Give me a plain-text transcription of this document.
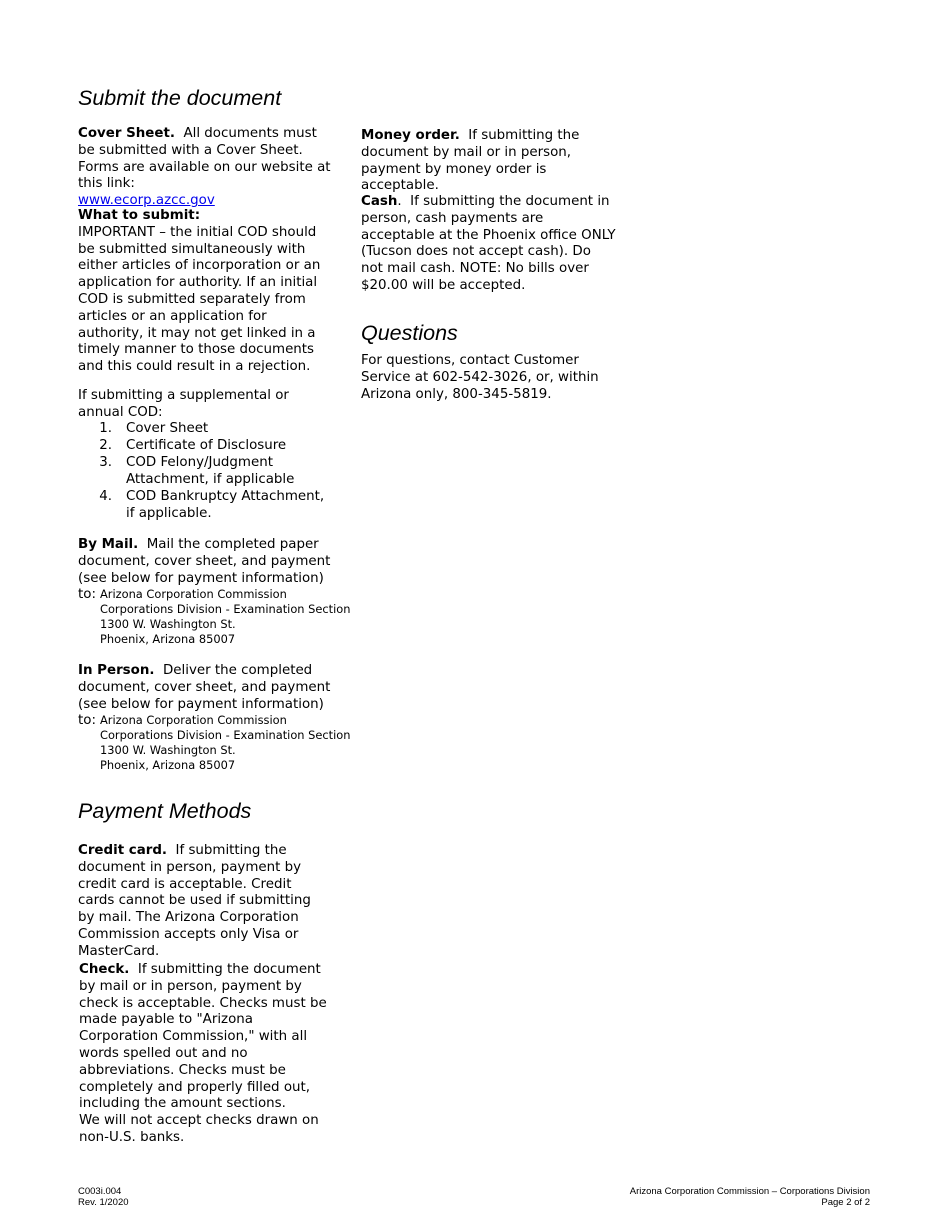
Submit the document

Cover Sheet. All documents must be submitted with a Cover Sheet. Forms are available on our website at this link:
www.ecorp.azcc.gov

What to submit:
IMPORTANT – the initial COD should be submitted simultaneously with either articles of incorporation or an application for authority. If an initial COD is submitted separately from articles or an application for authority, it may not get linked in a timely manner to those documents and this could result in a rejection.

If submitting a supplemental or annual COD:

1. Cover Sheet
2. Certificate of Disclosure
3. COD Felony/Judgment Attachment, if applicable
4. COD Bankruptcy Attachment, if applicable.

By Mail. Mail the completed paper document, cover sheet, and payment (see below for payment information) to: Arizona Corporation Commission
Corporations Division - Examination Section
1300 W. Washington St.
Phoenix, Arizona 85007

In Person. Deliver the completed document, cover sheet, and payment (see below for payment information) to: Arizona Corporation Commission
Corporations Division - Examination Section
1300 W. Washington St.
Phoenix, Arizona 85007
Payment Methods

Credit card. If submitting the document in person, payment by credit card is acceptable. Credit cards cannot be used if submitting by mail. The Arizona Corporation Commission accepts only Visa or MasterCard.

Check. If submitting the document by mail or in person, payment by check is acceptable. Checks must be made payable to "Arizona Corporation Commission," with all words spelled out and no abbreviations. Checks must be completely and properly filled out, including the amount sections.
We will not accept checks drawn on non-U.S. banks.

Money order. If submitting the document by mail or in person, payment by money order is acceptable.

Cash.  If submitting the document in person, cash payments are acceptable at the Phoenix office ONLY (Tucson does not accept cash). Do not mail cash. NOTE: No bills over $20.00 will be accepted.

Questions

For questions, contact Customer Service at 602-542-3026, or, within Arizona only, 800-345-5819.

C003i.004
Rev. 1/2020
Arizona Corporation Commission – Corporations Division
Page 2 of 2
